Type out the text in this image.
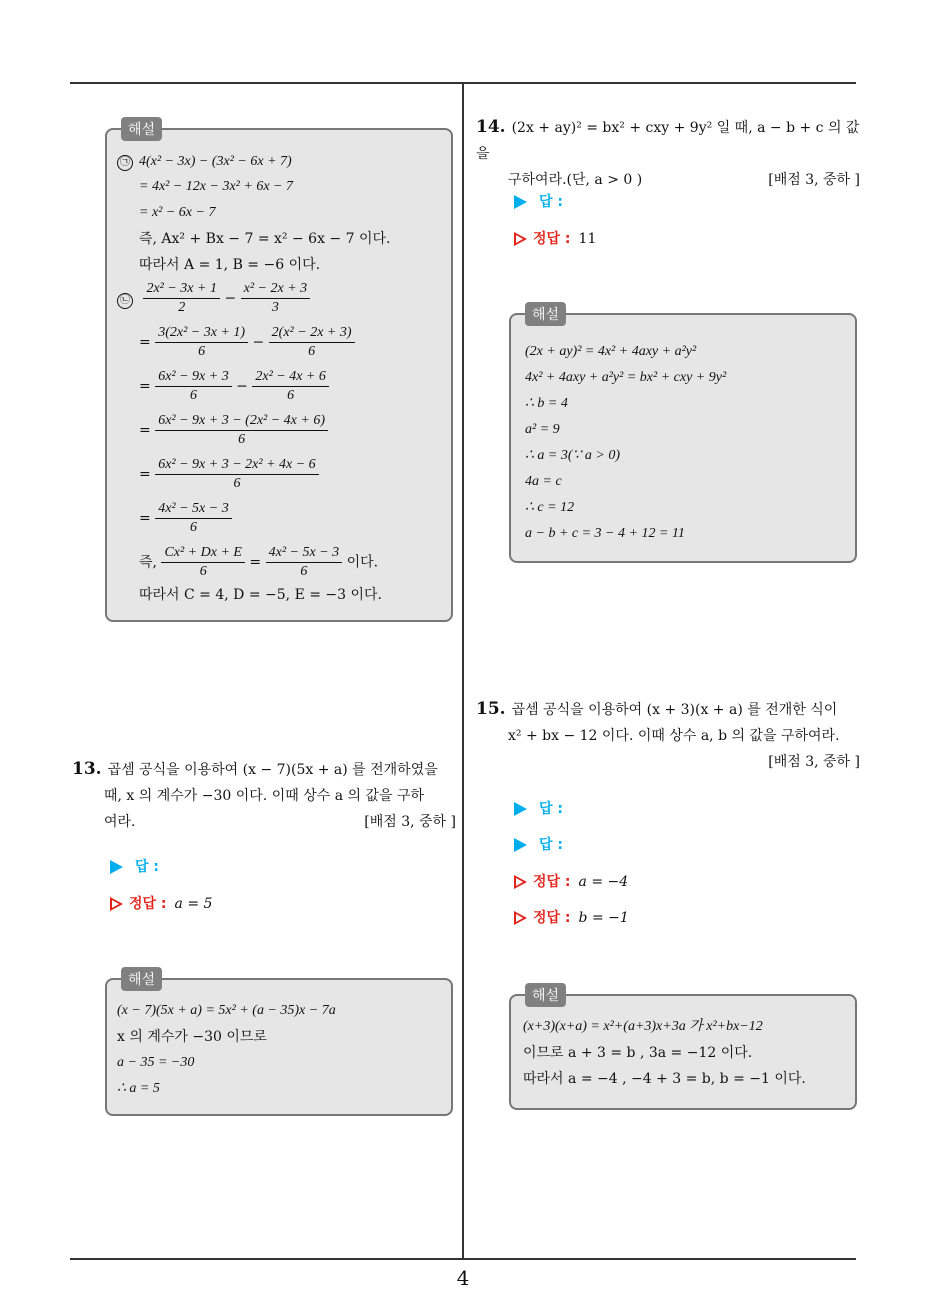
4
해설
㉠ 4(x² − 3x) − (3x² − 6x + 7)
= 4x² − 12x − 3x² + 6x − 7
= x² − 6x − 7
즉, Ax² + Bx − 7 = x² − 6x − 7 이다.
따라서 A = 1, B = −6 이다.
㉡ $\frac{\text{2x² − 3x + 1}}{2} - \frac{\text{x² − 2x + 3}}{3}$
= $\frac{\text{3(2x² − 3x + 1)}}{6} - \frac{\text{2(x² − 2x + 3)}}{6}$
= $\frac{\text{6x² − 9x + 3}}{6} - \frac{\text{2x² − 4x + 6}}{6}$
= $\frac{\text{6x² − 9x + 3 − (2x² − 4x + 6)}}{6}$
= $\frac{\text{6x² − 9x + 3 − 2x² + 4x − 6}}{6}$
= $\frac{\text{4x² − 5x − 3}}{6}$
즉, $\frac{\text{Cx² + Dx + E}}{6} = \frac{\text{4x² − 5x − 3}}{6}$ 이다.
따라서 C = 4, D = −5, E = −3 이다.
13. 곱셈 공식을 이용하여 (x − 7)(5x + a) 를 전개하였을
때, x 의 계수가 −30 이다. 이때 상수 a 의 값을 구하
여라.	[배점 3, 중하 ]
답 :
정답 : a = 5
해설
(x − 7)(5x + a) = 5x² + (a − 35)x − 7a
x 의 계수가 −30 이므로
a − 35 = −30
∴ a = 5
14. (2x + ay)² = bx² + cxy + 9y² 일 때, a − b + c 의 값을
구하여라.(단, a > 0 )	[배점 3, 중하 ]
답 :
정답 : 11
해설
(2x + ay)² = 4x² + 4axy + a²y²
4x² + 4axy + a²y² = bx² + cxy + 9y²
∴ b = 4
a² = 9
∴ a = 3(∵ a > 0)
4a = c
∴ c = 12
a − b + c = 3 − 4 + 12 = 11
15. 곱셈 공식을 이용하여 (x + 3)(x + a) 를 전개한 식이
x² + bx − 12 이다. 이때 상수 a, b 의 값을 구하여라.
[배점 3, 중하 ]
답 :
답 :
정답 : a = −4
정답 : b = −1
해설
(x+3)(x+a) = x²+(a+3)x+3a 가 x²+bx−12
이므로 a + 3 = b , 3a = −12 이다.
따라서 a = −4 , −4 + 3 = b, b = −1 이다.
